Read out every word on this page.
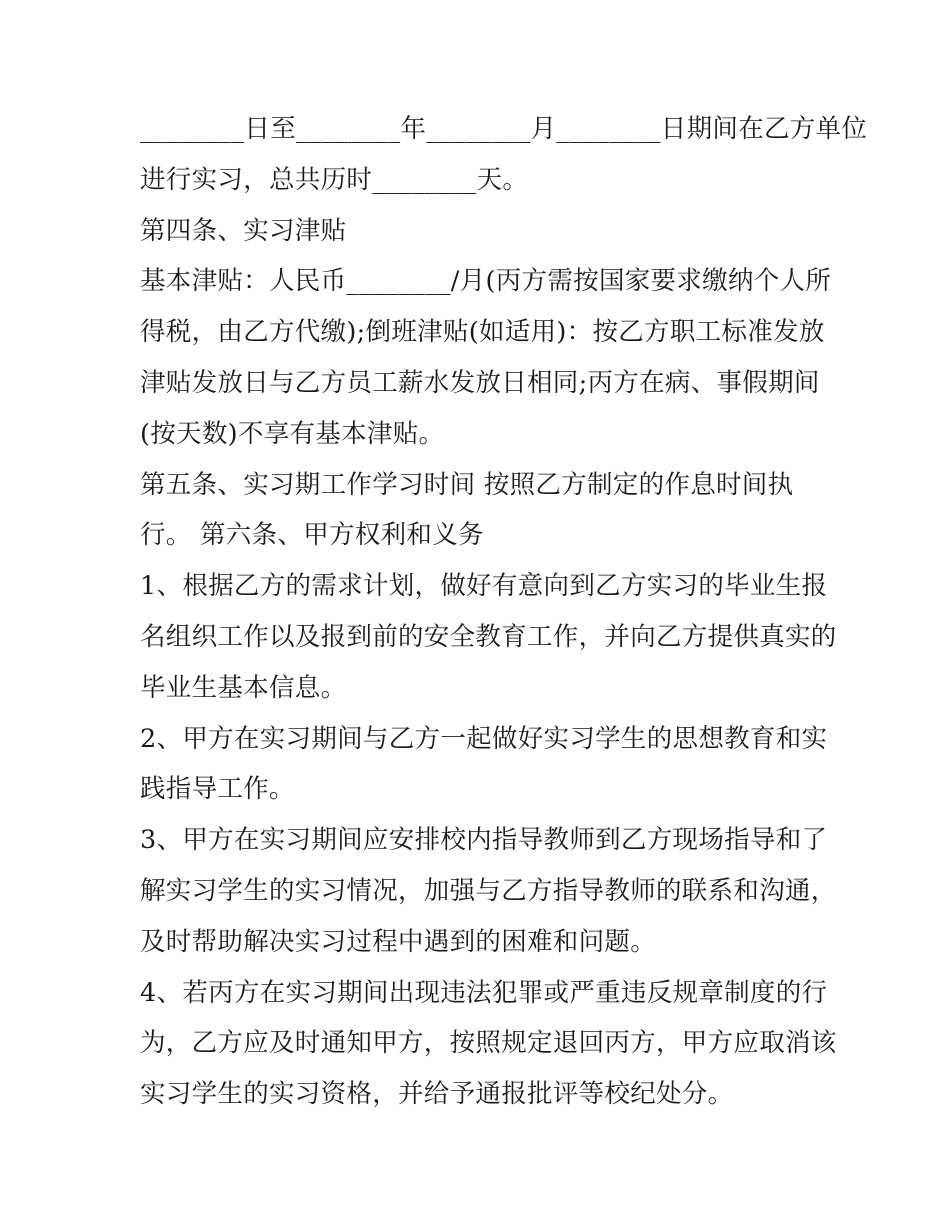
________日至________年________月________日期间在乙方单位
进行实习，总共历时________天。
第四条、实习津贴
基本津贴：人民币________/月(丙方需按国家要求缴纳个人所
得税，由乙方代缴);倒班津贴(如适用)：按乙方职工标准发放
津贴发放日与乙方员工薪水发放日相同;丙方在病、事假期间
(按天数)不享有基本津贴。
第五条、实习期工作学习时间 按照乙方制定的作息时间执
行。 第六条、甲方权利和义务
1、根据乙方的需求计划，做好有意向到乙方实习的毕业生报
名组织工作以及报到前的安全教育工作，并向乙方提供真实的
毕业生基本信息。
2、甲方在实习期间与乙方一起做好实习学生的思想教育和实
践指导工作。
3、甲方在实习期间应安排校内指导教师到乙方现场指导和了
解实习学生的实习情况，加强与乙方指导教师的联系和沟通，
及时帮助解决实习过程中遇到的困难和问题。
4、若丙方在实习期间出现违法犯罪或严重违反规章制度的行
为，乙方应及时通知甲方，按照规定退回丙方，甲方应取消该
实习学生的实习资格，并给予通报批评等校纪处分。
